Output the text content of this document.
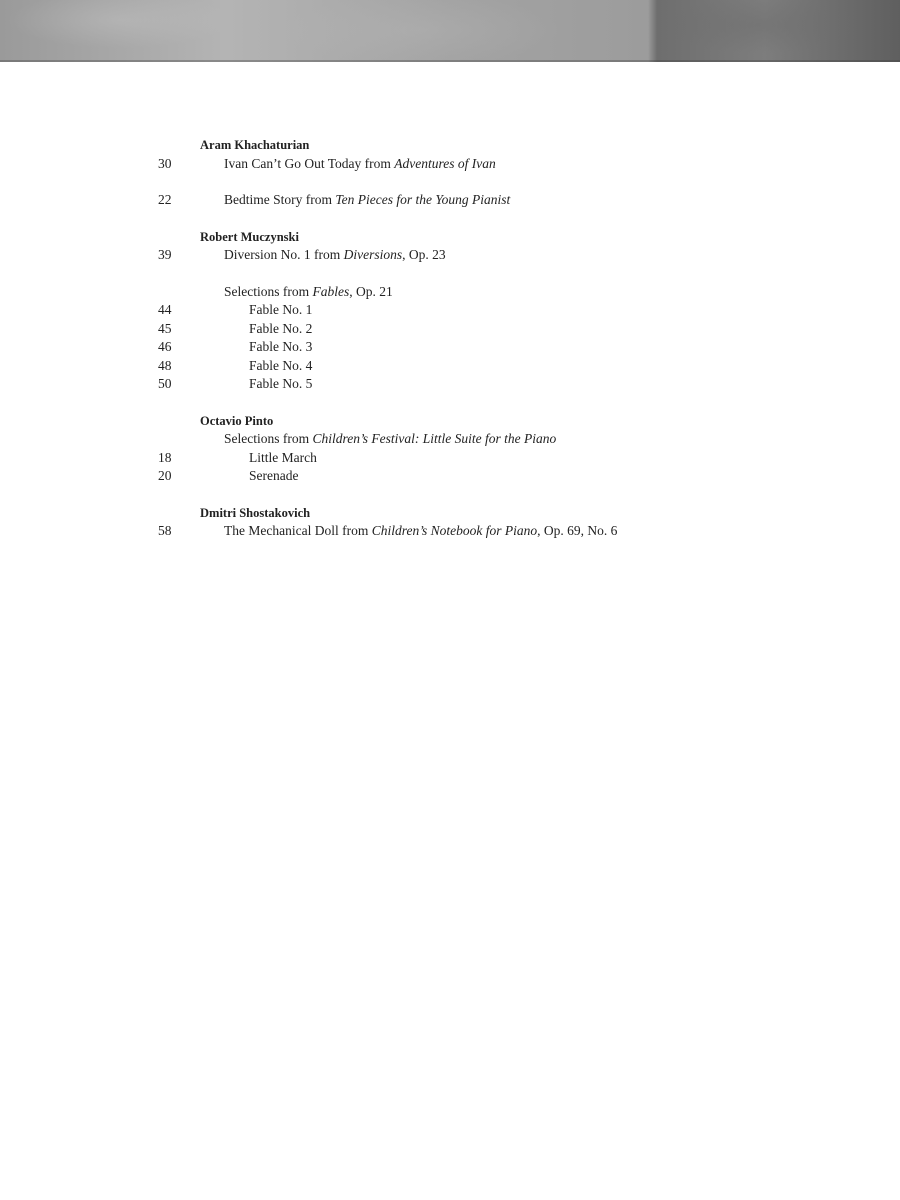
Aram Khachaturian
30	Ivan Can’t Go Out Today from Adventures of Ivan
22	Bedtime Story from Ten Pieces for the Young Pianist
Robert Muczynski
39	Diversion No. 1 from Diversions, Op. 23
Selections from Fables, Op. 21
44	Fable No. 1
45	Fable No. 2
46	Fable No. 3
48	Fable No. 4
50	Fable No. 5
Octavio Pinto
Selections from Children’s Festival: Little Suite for the Piano
18	Little March
20	Serenade
Dmitri Shostakovich
58	The Mechanical Doll from Children’s Notebook for Piano, Op. 69, No. 6
